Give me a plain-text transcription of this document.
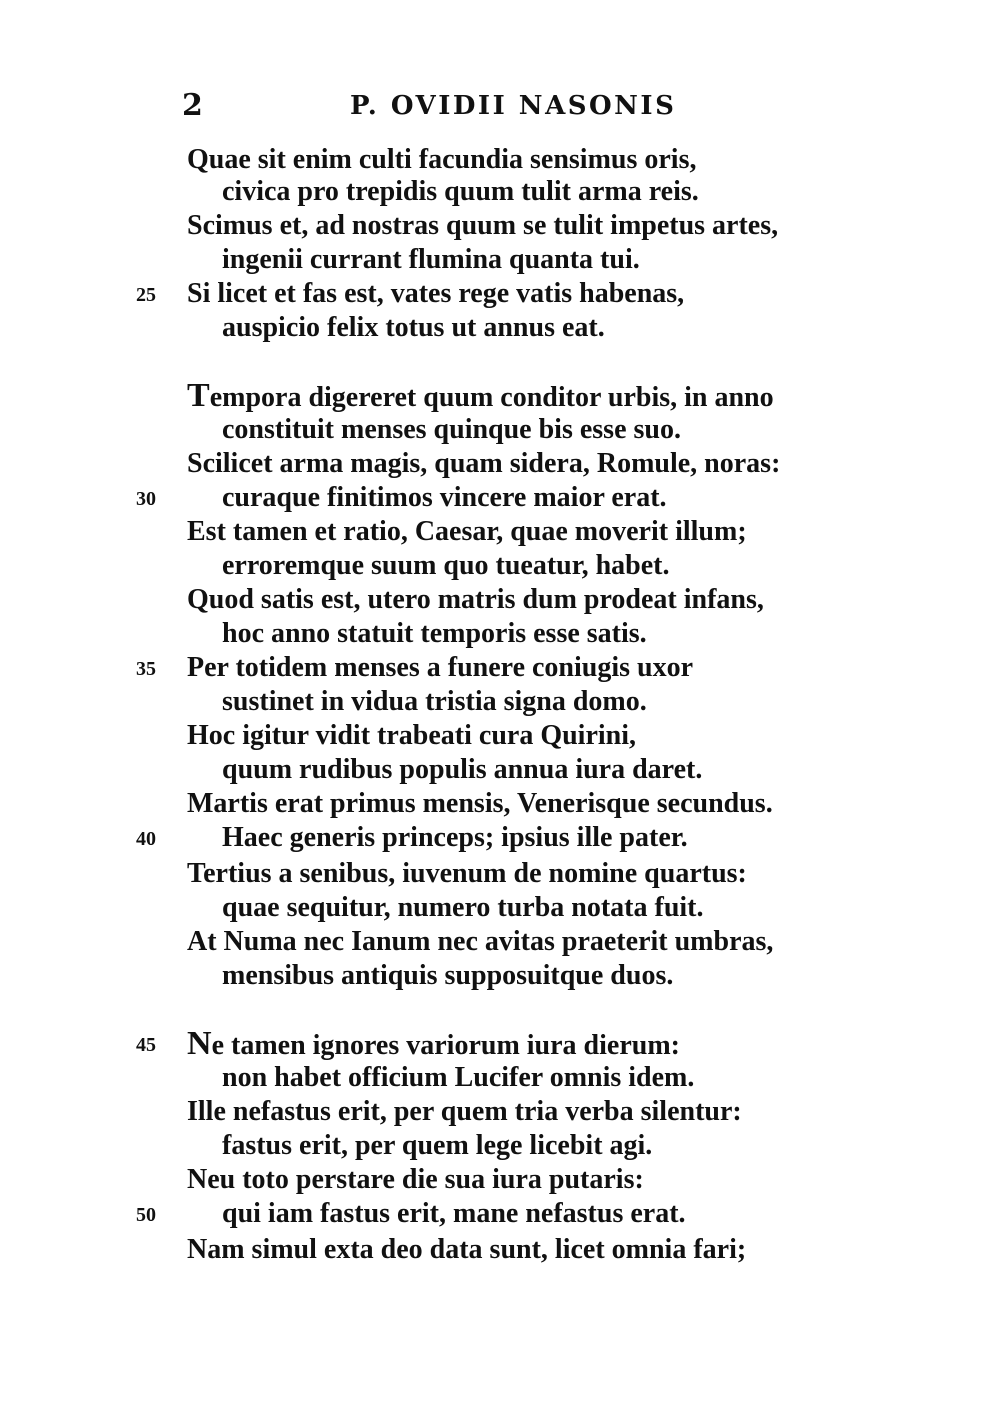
2	P. OVIDII NASONIS
Quae sit enim culti facundia sensimus oris,
civica pro trepidis quum tulit arma reis.
Scimus et, ad nostras quum se tulit impetus artes,
ingenii currant flumina quanta tui.
25 Si licet et fas est, vates rege vatis habenas,
auspicio felix totus ut annus eat.
Tempora digereret quum conditor urbis, in anno
constituit menses quinque bis esse suo.
Scilicet arma magis, quam sidera, Romule, noras:
30 curaque finitimos vincere maior erat.
Est tamen et ratio, Caesar, quae moverit illum;
erroremque suum quo tueatur, habet.
Quod satis est, utero matris dum prodeat infans,
hoc anno statuit temporis esse satis.
35 Per totidem menses a funere coniugis uxor
sustinet in vidua tristia signa domo.
Hoc igitur vidit trabeati cura Quirini,
quum rudibus populis annua iura daret.
Martis erat primus mensis, Venerisque secundus.
40 Haec generis princeps; ipsius ille pater.
Tertius a senibus, iuvenum de nomine quartus:
quae sequitur, numero turba notata fuit.
At Numa nec Ianum nec avitas praeterit umbras,
mensibus antiquis supposuitque duos.
45 Ne tamen ignores variorum iura dierum:
non habet officium Lucifer omnis idem.
Ille nefastus erit, per quem tria verba silentur:
fastus erit, per quem lege licebit agi.
Neu toto perstare die sua iura putaris:
50 qui iam fastus erit, mane nefastus erat.
Nam simul exta deo data sunt, licet omnia fari;
